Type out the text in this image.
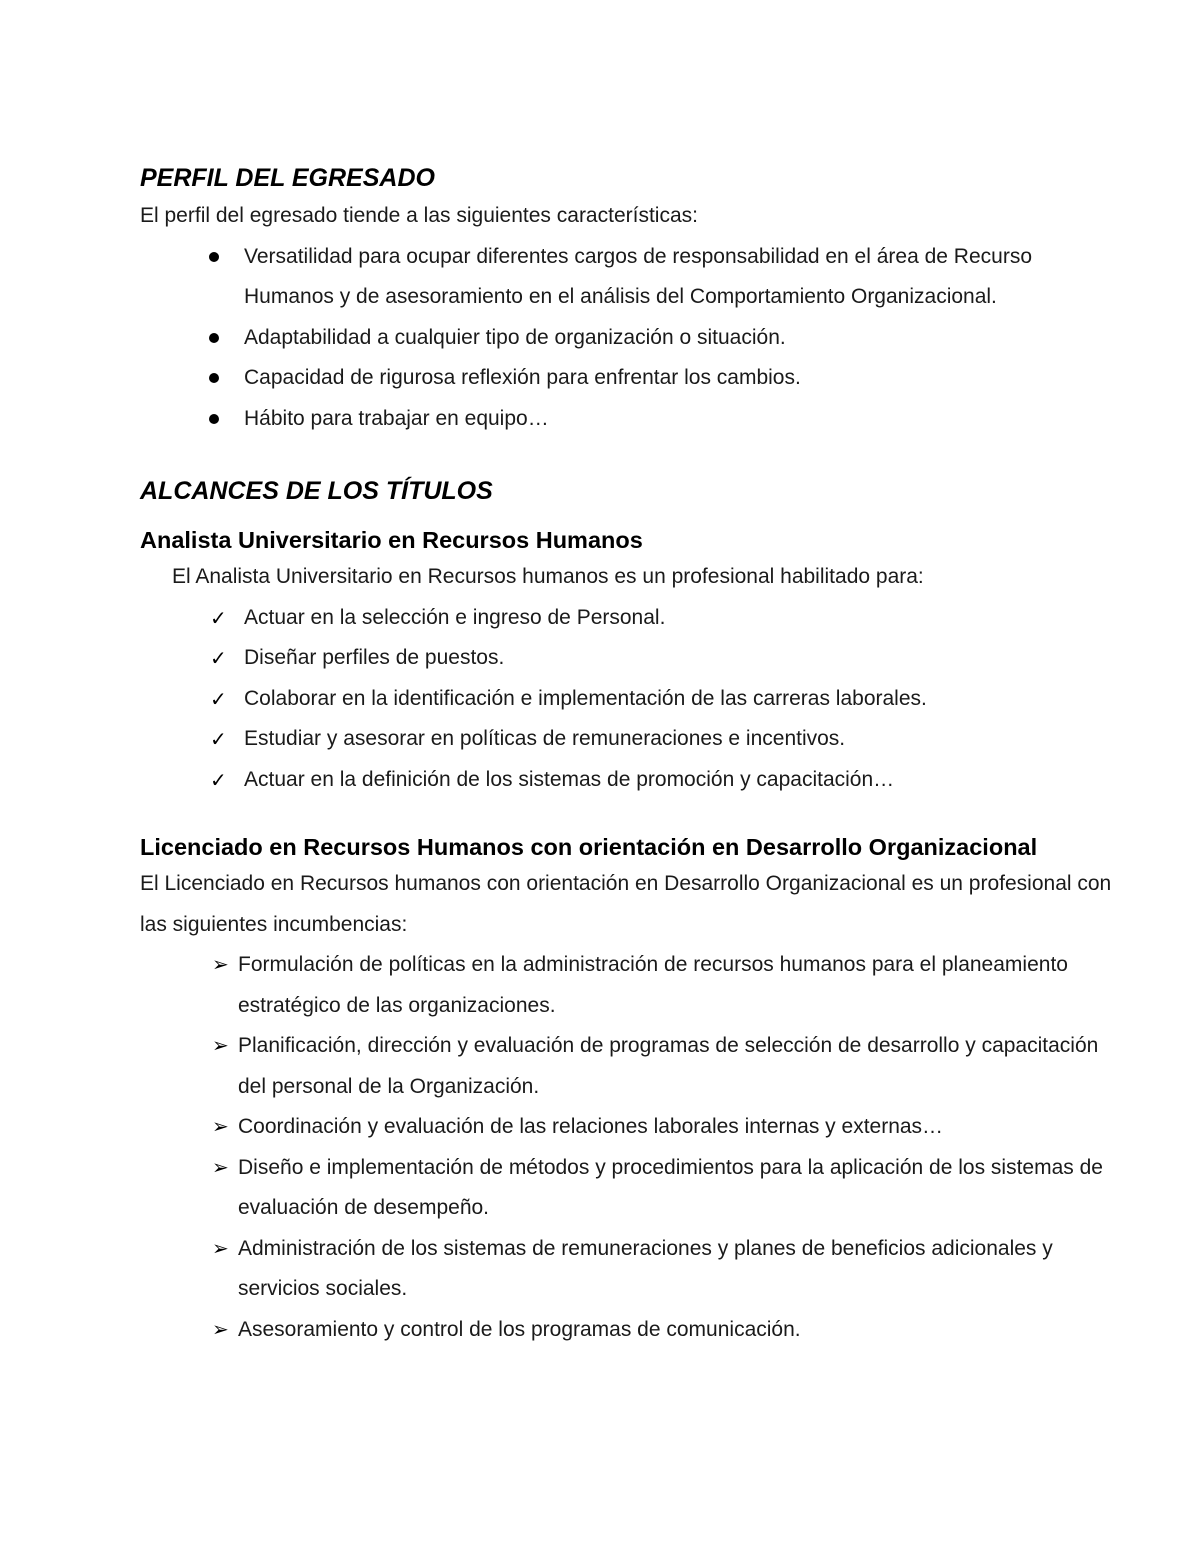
PERFIL DEL EGRESADO

El perfil del egresado tiende a las siguientes características:

Versatilidad para ocupar diferentes cargos de responsabilidad en el área de Recurso Humanos y de asesoramiento en el análisis del Comportamiento Organizacional.
Adaptabilidad a cualquier tipo de organización o situación.
Capacidad de rigurosa reflexión para enfrentar los cambios.
Hábito para trabajar en equipo…
ALCANCES DE LOS TÍTULOS
Analista Universitario en Recursos Humanos

El Analista Universitario en Recursos humanos es un profesional habilitado para:

✓ Actuar en la selección e ingreso de Personal.
✓ Diseñar perfiles de puestos.
✓ Colaborar en la identificación e implementación de las carreras laborales.
✓ Estudiar y asesorar en políticas de remuneraciones e incentivos.
✓ Actuar en la definición de los sistemas de promoción y capacitación…
Licenciado en Recursos Humanos con orientación en Desarrollo Organizacional

El Licenciado en Recursos humanos con orientación en Desarrollo Organizacional es un profesional con las siguientes incumbencias:

➢ Formulación de políticas en la administración de recursos humanos para el planeamiento estratégico de las organizaciones.
➢ Planificación, dirección y evaluación de programas de selección de desarrollo y capacitación del personal de la Organización.
➢ Coordinación y evaluación de las relaciones laborales internas y externas…
➢ Diseño e implementación de métodos y procedimientos para la aplicación de los sistemas de evaluación de desempeño.
➢ Administración de los sistemas de remuneraciones y planes de beneficios adicionales y servicios sociales.
➢ Asesoramiento y control de los programas de comunicación.
